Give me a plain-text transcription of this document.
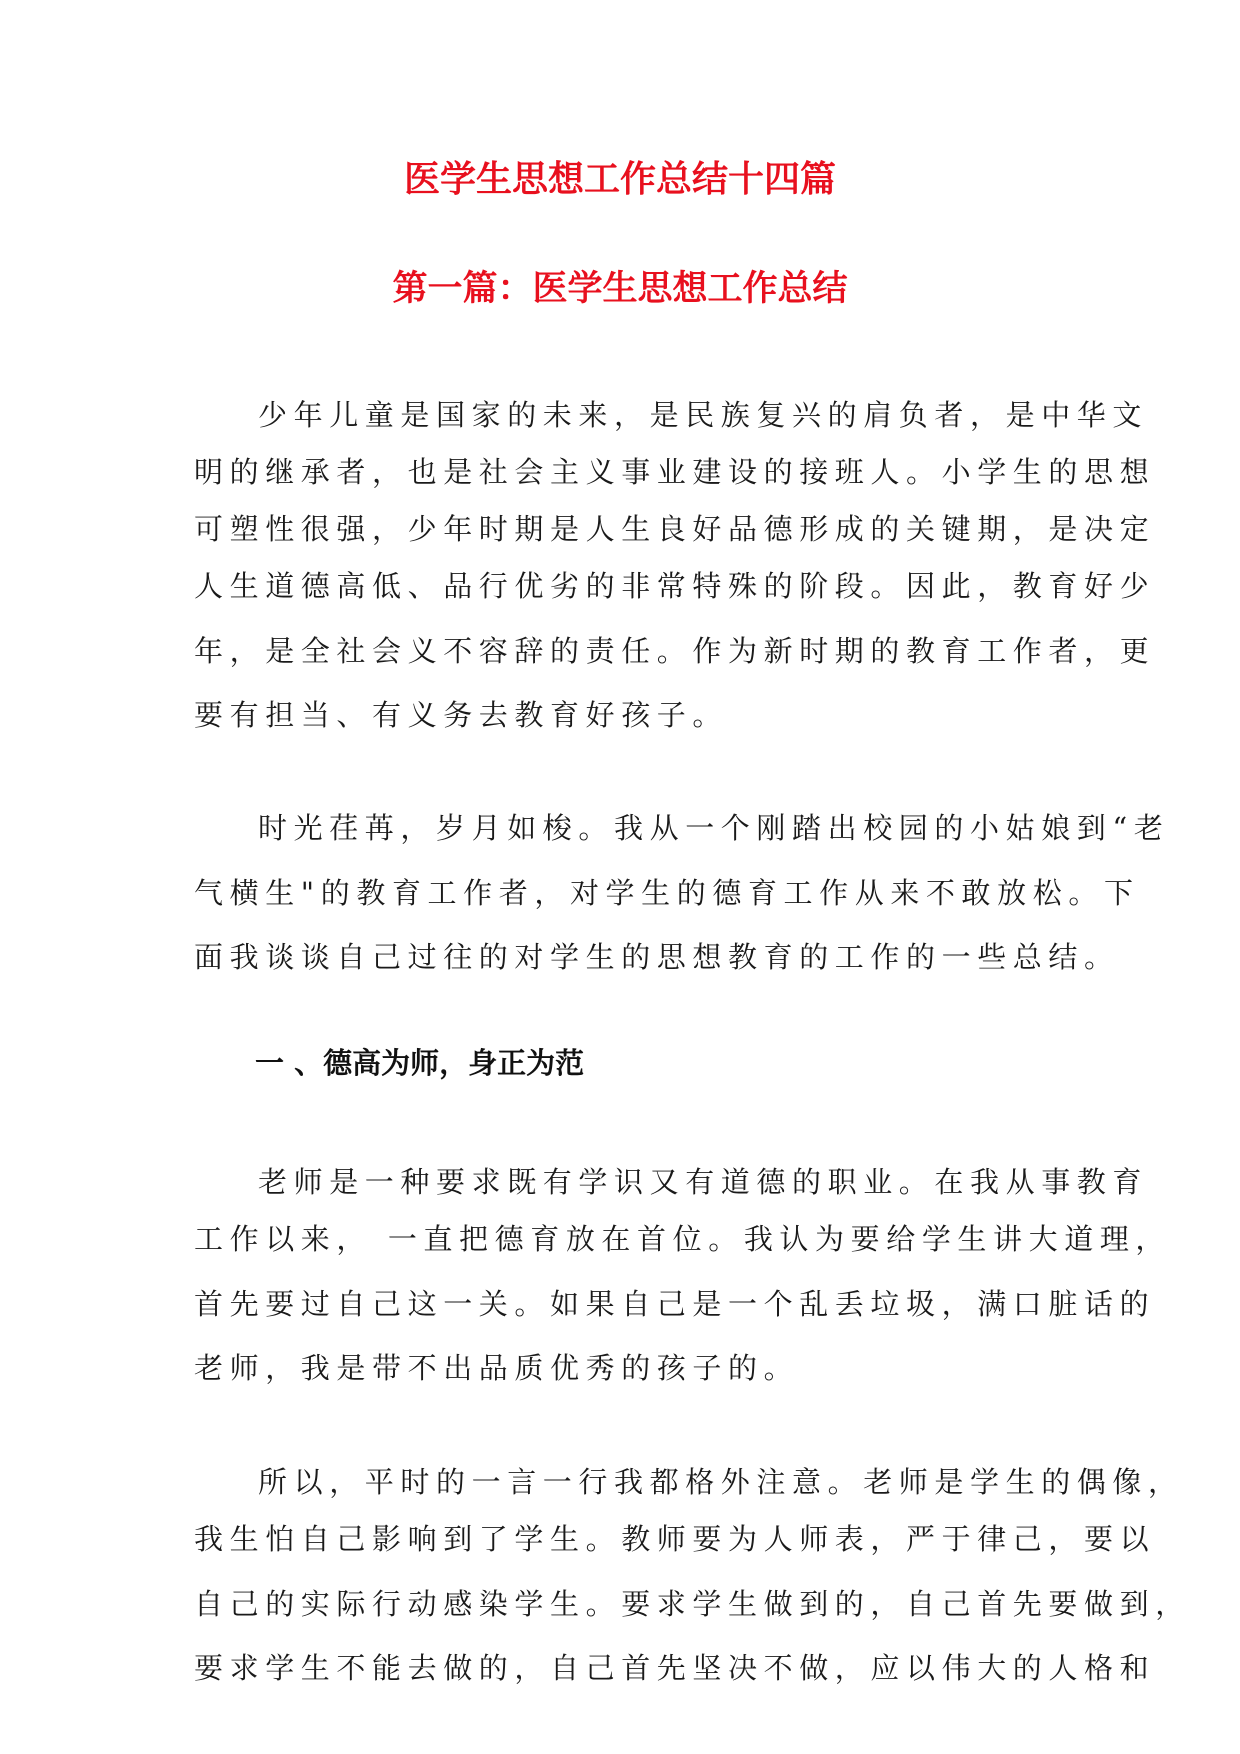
医学生思想工作总结十四篇
第一篇：医学生思想工作总结
少年儿童是国家的未来，是民族复兴的肩负者，是中华文
明的继承者，也是社会主义事业建设的接班人。小学生的思想
可塑性很强，少年时期是人生良好品德形成的关键期，是决定
人生道德高低、品行优劣的非常特殊的阶段。因此，教育好少
年，是全社会义不容辞的责任。作为新时期的教育工作者，更
要有担当、有义务去教育好孩子。
时光荏苒，岁月如梭。我从一个刚踏出校园的小姑娘到“老
气横生"的教育工作者，对学生的德育工作从来不敢放松。下
面我谈谈自己过往的对学生的思想教育的工作的一些总结。
一 、德高为师，身正为范
老师是一种要求既有学识又有道德的职业。在我从事教育
工作以来， 一直把德育放在首位。我认为要给学生讲大道理，
首先要过自己这一关。如果自己是一个乱丢垃圾，满口脏话的
老师，我是带不出品质优秀的孩子的。
所以，平时的一言一行我都格外注意。老师是学生的偶像，
我生怕自己影响到了学生。教师要为人师表，严于律己，要以
自己的实际行动感染学生。要求学生做到的，自己首先要做到，
要求学生不能去做的，自己首先坚决不做，应以伟大的人格和
